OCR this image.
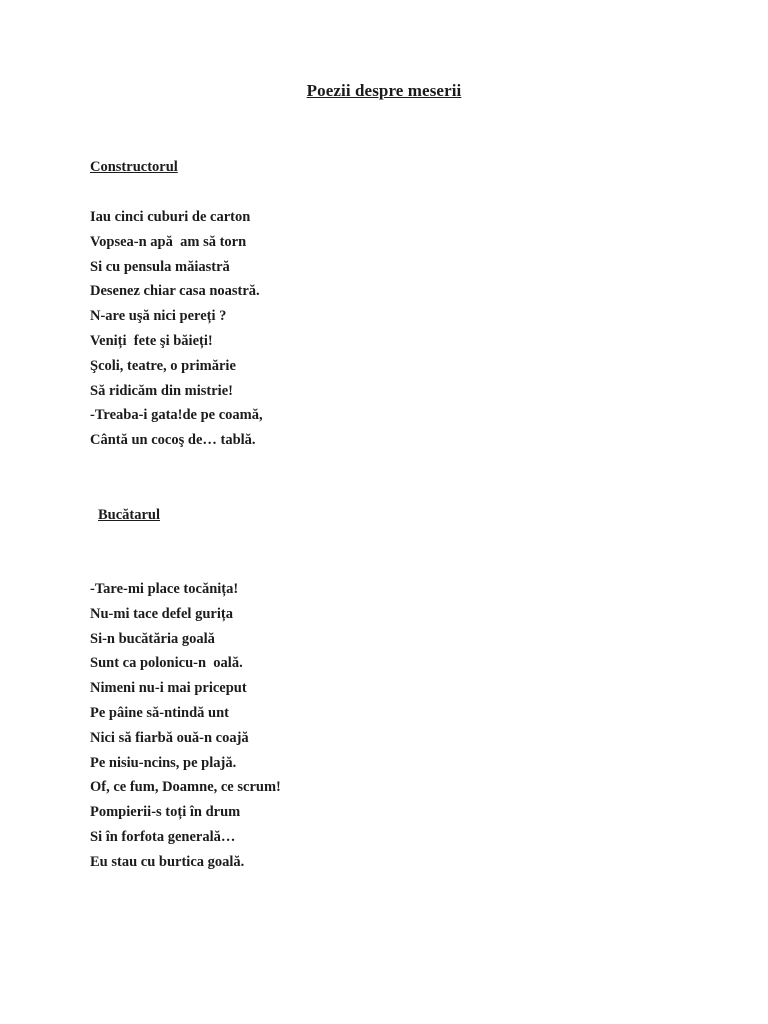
Poezii despre meserii
Constructorul
Iau cinci cuburi de carton
Vopsea-n apă  am să torn
Si cu pensula măiastră
Desenez chiar casa noastră.
N-are uşă nici pereți ?
Veniți  fete şi băieți!
Şcoli, teatre, o primărie
Să ridicăm din mistrie!
-Treaba-i gata!de pe coamă,
Cântă un cocoş de… tablă.
Bucătarul
-Tare-mi place tocănița!
Nu-mi tace defel gurița
Si-n bucătăria goală
Sunt ca polonicu-n  oală.
Nimeni nu-i mai priceput
Pe pâine să-ntindă unt
Nici să fiarbă ouă-n coajă
Pe nisiu-ncins, pe plajă.
Of, ce fum, Doamne, ce scrum!
Pompierii-s toți în drum
Si în forfota generală…
Eu stau cu burtica goală.
